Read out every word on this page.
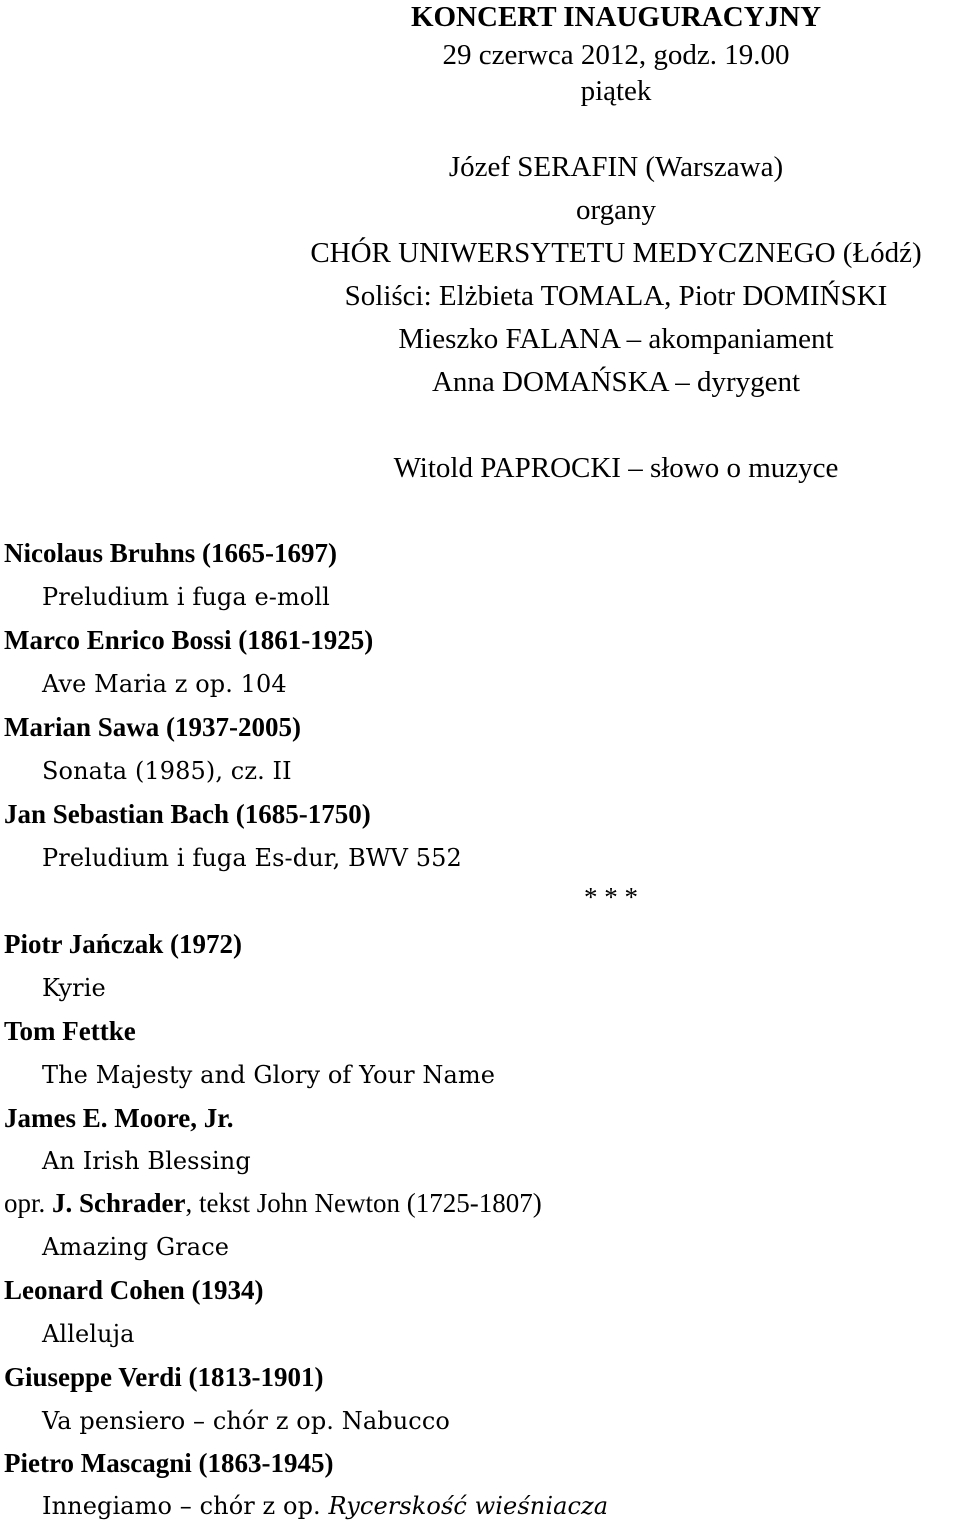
KONCERT INAUGURACYJNY

29 czerwca 2012, godz. 19.00

piątek

Józef SERAFIN (Warszawa)

organy

CHÓR UNIWERSYTETU MEDYCZNEGO (Łódź)

Soliści: Elżbieta TOMALA, Piotr DOMIŃSKI

Mieszko FALANA – akompaniament

Anna DOMAŃSKA – dyrygent

Witold PAPROCKI – słowo o muzyce

Nicolaus Bruhns (1665-1697)

Preludium i fuga e-moll

Marco Enrico Bossi (1861-1925)

Ave Maria z op. 104

Marian Sawa (1937-2005)

Sonata (1985), cz. II

Jan Sebastian Bach (1685-1750)

Preludium i fuga Es-dur, BWV 552

* * *

Piotr Jańczak (1972)

Kyrie

Tom Fettke

The Majesty and Glory of Your Name

James E. Moore, Jr.

An Irish Blessing

opr. J. Schrader, tekst John Newton (1725-1807)

Amazing Grace

Leonard Cohen (1934)

Alleluja

Giuseppe Verdi (1813-1901)

Va pensiero – chór z op. Nabucco

Pietro Mascagni (1863-1945)

Innegiamo – chór z op. Rycerskość wieśniacza
